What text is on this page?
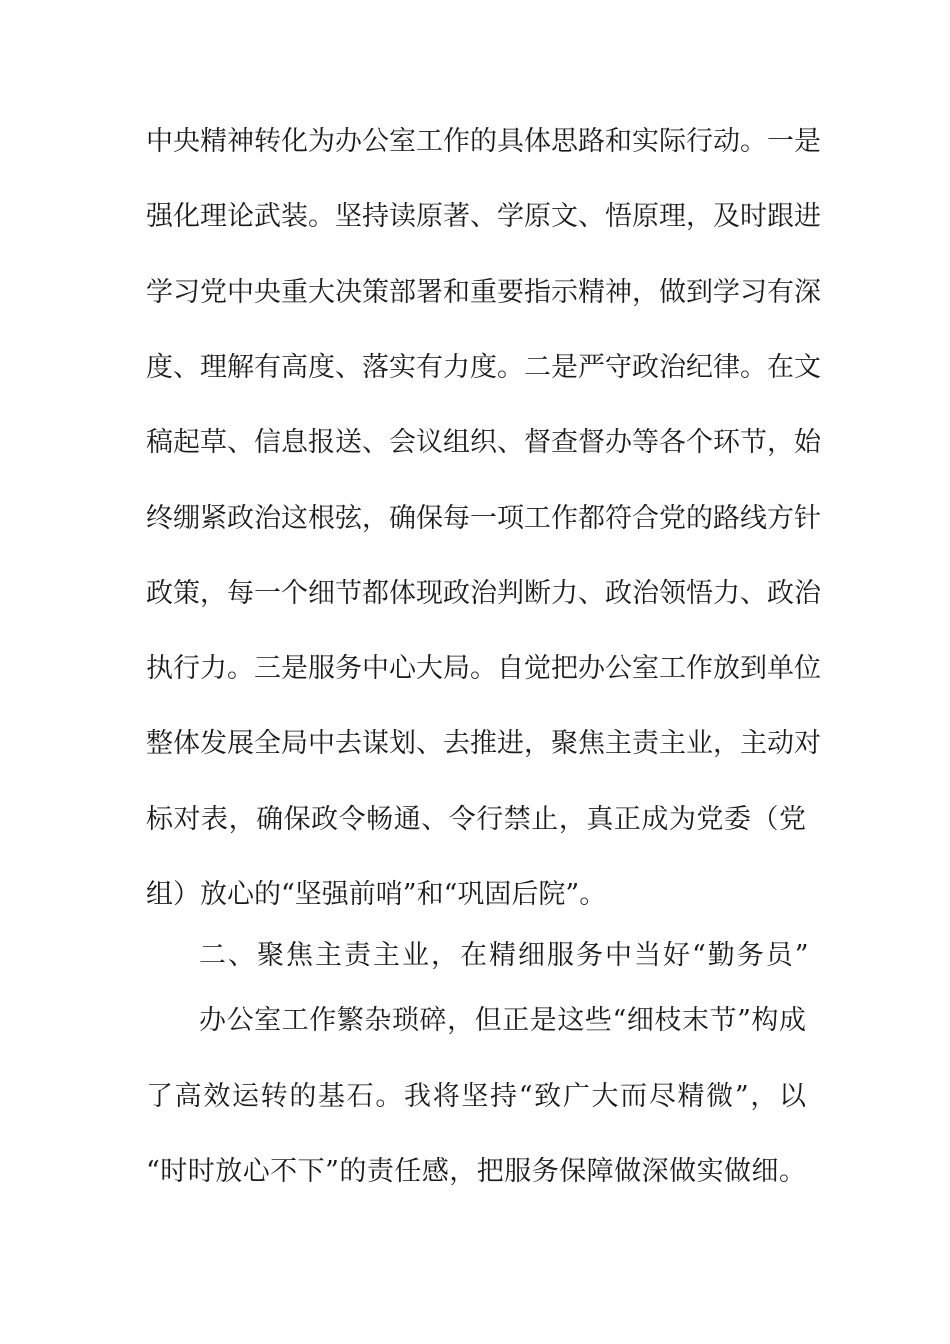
中央精神转化为办公室工作的具体思路和实际行动。一是
强化理论武装。坚持读原著、学原文、悟原理，及时跟进
学习党中央重大决策部署和重要指示精神，做到学习有深
度、理解有高度、落实有力度。二是严守政治纪律。在文
稿起草、信息报送、会议组织、督查督办等各个环节，始
终绷紧政治这根弦，确保每一项工作都符合党的路线方针
政策，每一个细节都体现政治判断力、政治领悟力、政治
执行力。三是服务中心大局。自觉把办公室工作放到单位
整体发展全局中去谋划、去推进，聚焦主责主业，主动对
标对表，确保政令畅通、令行禁止，真正成为党委（党
组）放心的“坚强前哨”和“巩固后院”。
二、聚焦主责主业，在精细服务中当好“勤务员”
办公室工作繁杂琐碎，但正是这些“细枝末节”构成
了高效运转的基石。我将坚持“致广大而尽精微”，以
“时时放心不下”的责任感，把服务保障做深做实做细。
